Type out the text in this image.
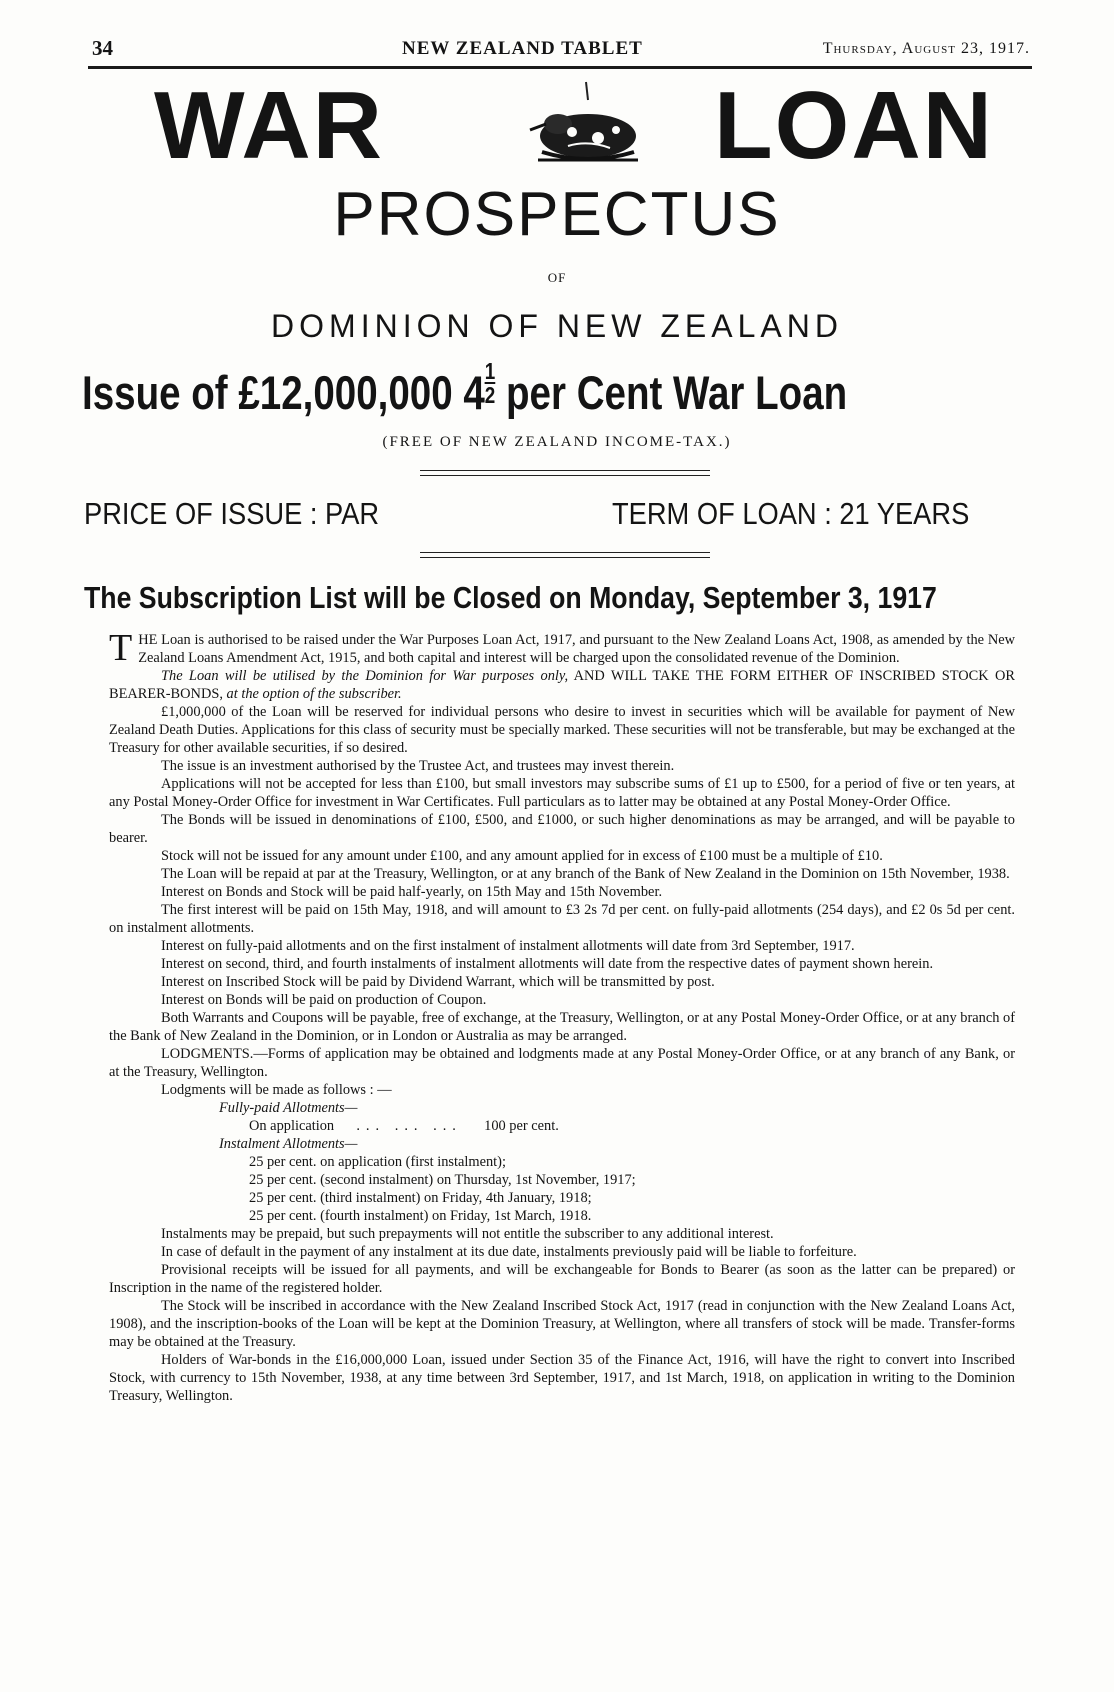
34	NEW ZEALAND TABLET	Thursday, August 23, 1917.
WAR	LOAN
PROSPECTUS
OF
DOMINION OF NEW ZEALAND
Issue of £12,000,000 $4 \frac{1}{2}$ per Cent War Loan
(FREE OF NEW ZEALAND INCOME-TAX.)
PRICE OF ISSUE : PAR	TERM OF LOAN : 21 YEARS
The Subscription List will be Closed on Monday, September 3, 1917

THE Loan is authorised to be raised under the War Purposes Loan Act, 1917, and pursuant to the New Zealand Loans Act, 1908, as amended by the New Zealand Loans Amendment Act, 1915, and both capital and interest will be charged upon the consolidated revenue of the Dominion.

The Loan will be utilised by the Dominion for War purposes only, AND WILL TAKE THE FORM EITHER OF INSCRIBED STOCK OR BEARER-BONDS, at the option of the subscriber.

£1,000,000 of the Loan will be reserved for individual persons who desire to invest in securities which will be available for payment of New Zealand Death Duties. Applications for this class of security must be specially marked. These securities will not be transferable, but may be exchanged at the Treasury for other available securities, if so desired.

The issue is an investment authorised by the Trustee Act, and trustees may invest therein.

Applications will not be accepted for less than £100, but small investors may subscribe sums of £1 up to £500, for a period of five or ten years, at any Postal Money-Order Office for investment in War Certificates. Full particulars as to latter may be obtained at any Postal Money-Order Office.

The Bonds will be issued in denominations of £100, £500, and £1000, or such higher denominations as may be arranged, and will be payable to bearer.

Stock will not be issued for any amount under £100, and any amount applied for in excess of £100 must be a multiple of £10.

The Loan will be repaid at par at the Treasury, Wellington, or at any branch of the Bank of New Zealand in the Dominion on 15th November, 1938.

Interest on Bonds and Stock will be paid half-yearly, on 15th May and 15th November.

The first interest will be paid on 15th May, 1918, and will amount to £3 2s 7d per cent. on fully-paid allotments (254 days), and £2 0s 5d per cent. on instalment allotments.

Interest on fully-paid allotments and on the first instalment of instalment allotments will date from 3rd September, 1917.

Interest on second, third, and fourth instalments of instalment allotments will date from the respective dates of payment shown herein.

Interest on Inscribed Stock will be paid by Dividend Warrant, which will be transmitted by post.

Interest on Bonds will be paid on production of Coupon.

Both Warrants and Coupons will be payable, free of exchange, at the Treasury, Wellington, or at any Postal Money-Order Office, or at any branch of the Bank of New Zealand in the Dominion, or in London or Australia as may be arranged.

LODGMENTS.—Forms of application may be obtained and lodgments made at any Postal Money-Order Office, or at any branch of any Bank, or at the Treasury, Wellington.

Lodgments will be made as follows : —

Fully-paid Allotments—

On application ... ... ... 100 per cent.

Instalment Allotments—

25 per cent. on application (first instalment);

25 per cent. (second instalment) on Thursday, 1st November, 1917;

25 per cent. (third instalment) on Friday, 4th January, 1918;

25 per cent. (fourth instalment) on Friday, 1st March, 1918.

Instalments may be prepaid, but such prepayments will not entitle the subscriber to any additional interest.

In case of default in the payment of any instalment at its due date, instalments previously paid will be liable to forfeiture.

Provisional receipts will be issued for all payments, and will be exchangeable for Bonds to Bearer (as soon as the latter can be prepared) or Inscription in the name of the registered holder.

The Stock will be inscribed in accordance with the New Zealand Inscribed Stock Act, 1917 (read in conjunction with the New Zealand Loans Act, 1908), and the inscription-books of the Loan will be kept at the Dominion Treasury, at Wellington, where all transfers of stock will be made. Transfer-forms may be obtained at the Treasury.

Holders of War-bonds in the £16,000,000 Loan, issued under Section 35 of the Finance Act, 1916, will have the right to convert into Inscribed Stock, with currency to 15th November, 1938, at any time between 3rd September, 1917, and 1st March, 1918, on application in writing to the Dominion Treasury, Wellington.
